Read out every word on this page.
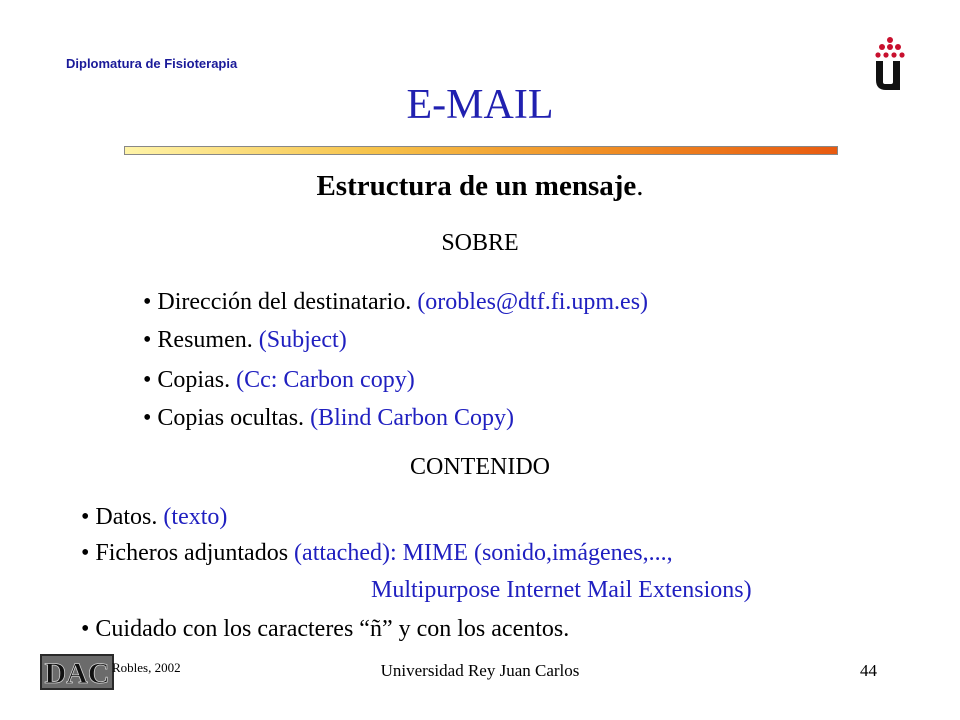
Diplomatura de Fisioterapia
E-MAIL
Estructura de un mensaje.
SOBRE
• Dirección del destinatario. (orobles@dtf.fi.upm.es)
• Resumen. (Subject)
• Copias. (Cc: Carbon copy)
• Copias ocultas. (Blind Carbon Copy)
CONTENIDO
• Datos. (texto)
• Ficheros adjuntados (attached): MIME (sonido,imágenes,...,
Multipurpose Internet Mail Extensions)
• Cuidado con los caracteres “ñ” y con los acentos.
DAC Robles, 2002	Universidad Rey Juan Carlos	44
